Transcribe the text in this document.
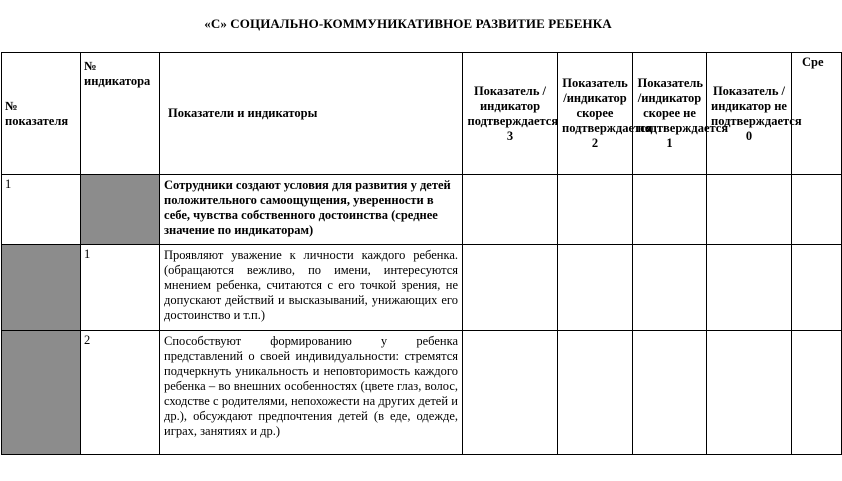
«С» СОЦИАЛЬНО-КОММУНИКАТИВНОЕ РАЗВИТИЕ РЕБЕНКА
№ показателя	№ индикатора	Показатели и индикаторы	Показатель /индикатор подтверждается 3	Показатель /индикатор скорее подтверждается 2	Показатель /индикатор скорее не подтверждается 1	Показатель /индикатор не подтверждается 0	Сре
1		Сотрудники создают условия для развития у детей положительного самоощущения, уверенности в себе, чувства собственного достоинства (среднее значение по индикаторам)					

	1	Проявляют уважение к личности каждого ребенка.(обращаются вежливо, по имени, интересуются мнением ребенка, считаются с его точкой зрения, не допускают действий и высказываний, унижающих его достоинство и т.п.)					

	2	Способствуют формированию у ребенка представлений о своей индивидуальности: стремятся подчеркнуть уникальность и неповторимость каждого ребенка – во внешних особенностях (цвете глаз, волос, сходстве с родителями, непохожести на других детей и др.), обсуждают предпочтения детей (в еде, одежде, играх, занятиях и др.)					
